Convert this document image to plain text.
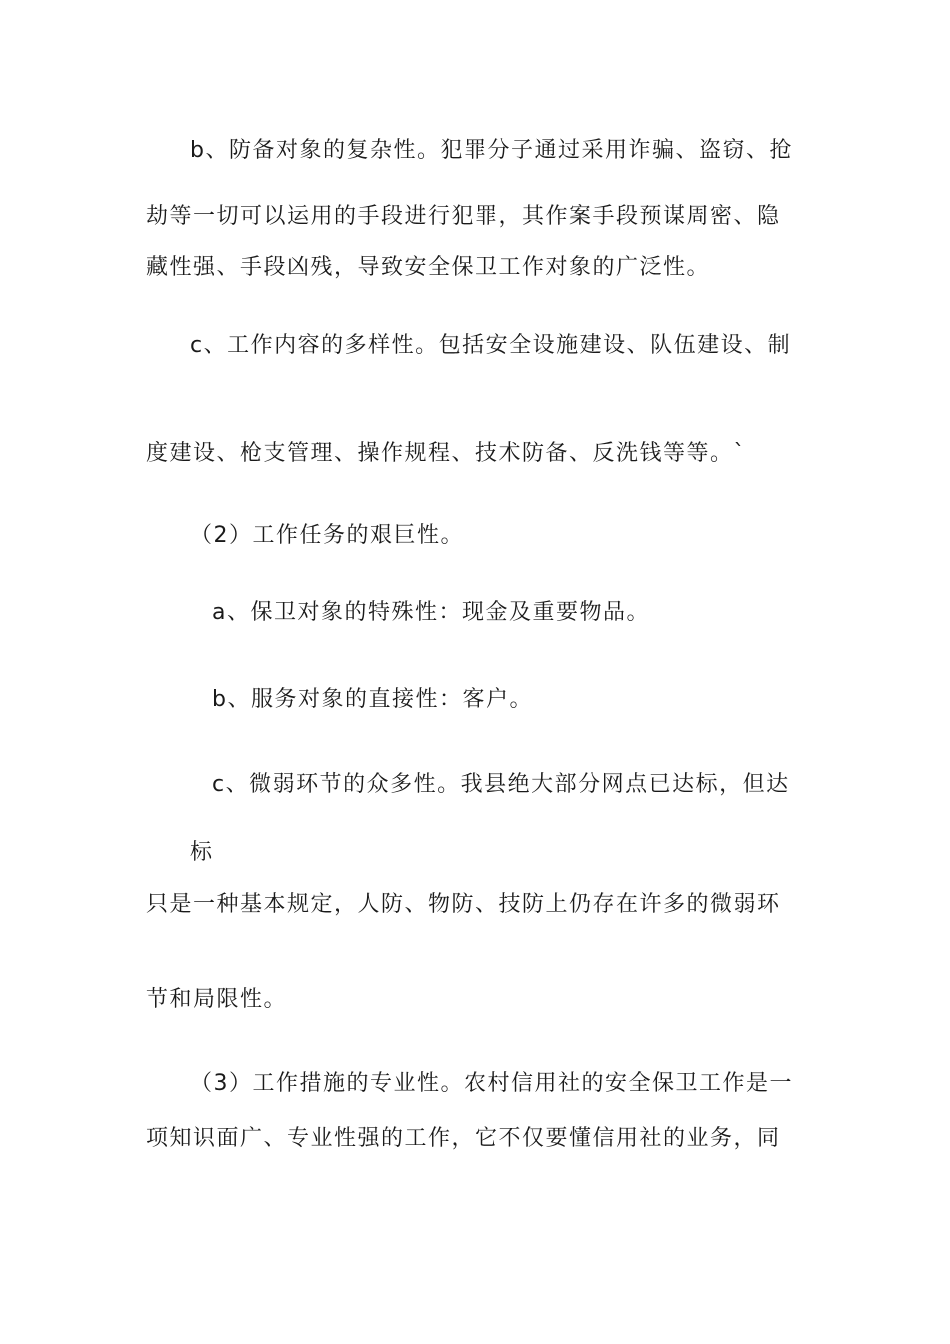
b、防备对象的复杂性。犯罪分子通过采用诈骗、盗窃、抢
劫等一切可以运用的手段进行犯罪，其作案手段预谋周密、隐
藏性强、手段凶残，导致安全保卫工作对象的广泛性。
c、工作内容的多样性。包括安全设施建设、队伍建设、制
度建设、枪支管理、操作规程、技术防备、反洗钱等等。`
（2）工作任务的艰巨性。
a、保卫对象的特殊性：现金及重要物品。
b、服务对象的直接性：客户。
c、微弱环节的众多性。我县绝大部分网点已达标，但达
标
只是一种基本规定，人防、物防、技防上仍存在许多的微弱环
节和局限性。
（3）工作措施的专业性。农村信用社的安全保卫工作是一
项知识面广、专业性强的工作，它不仅要懂信用社的业务，同
